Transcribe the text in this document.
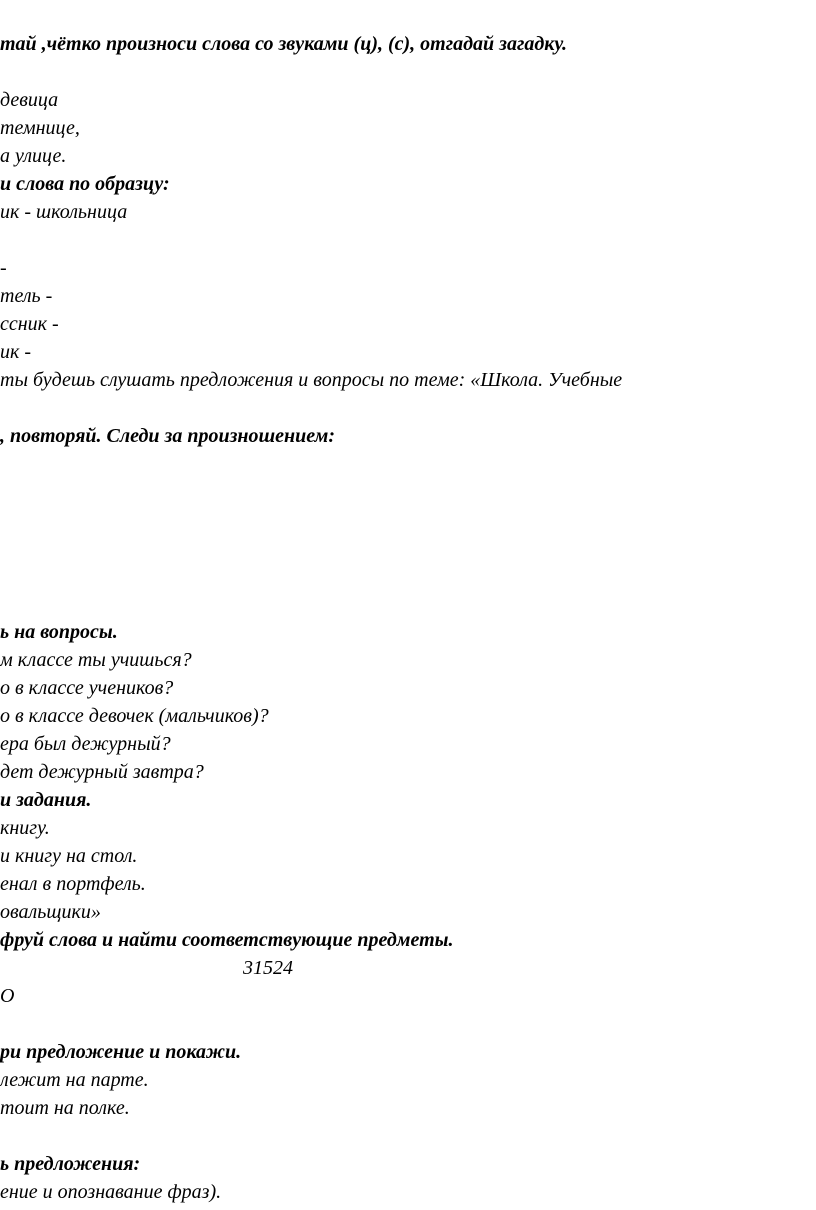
тай ,чётко произноси слова со звуками (ц), (с), отгадай загадку.

девица

темнице,

а улице.

и слова по образцу:

ик - школьница

-

тель -

ссник -

ик -

ты будешь слушать предложения и вопросы по теме: «Школа. Учебные

, повторяй. Следи за произношением:

ь на вопросы.

м классе ты учишься?

о в классе учеников?

о в классе девочек (мальчиков)?

ера был дежурный?

дет дежурный завтра?

и задания.

книгу.

и книгу на стол.

енал в портфель.

овальщики»

фруй слова и найти соответствующие предметы.

31524

О

ри предложение и покажи.

лежит на парте.

тоит на полке.

ь предложения:

ение и опознавание фраз).
